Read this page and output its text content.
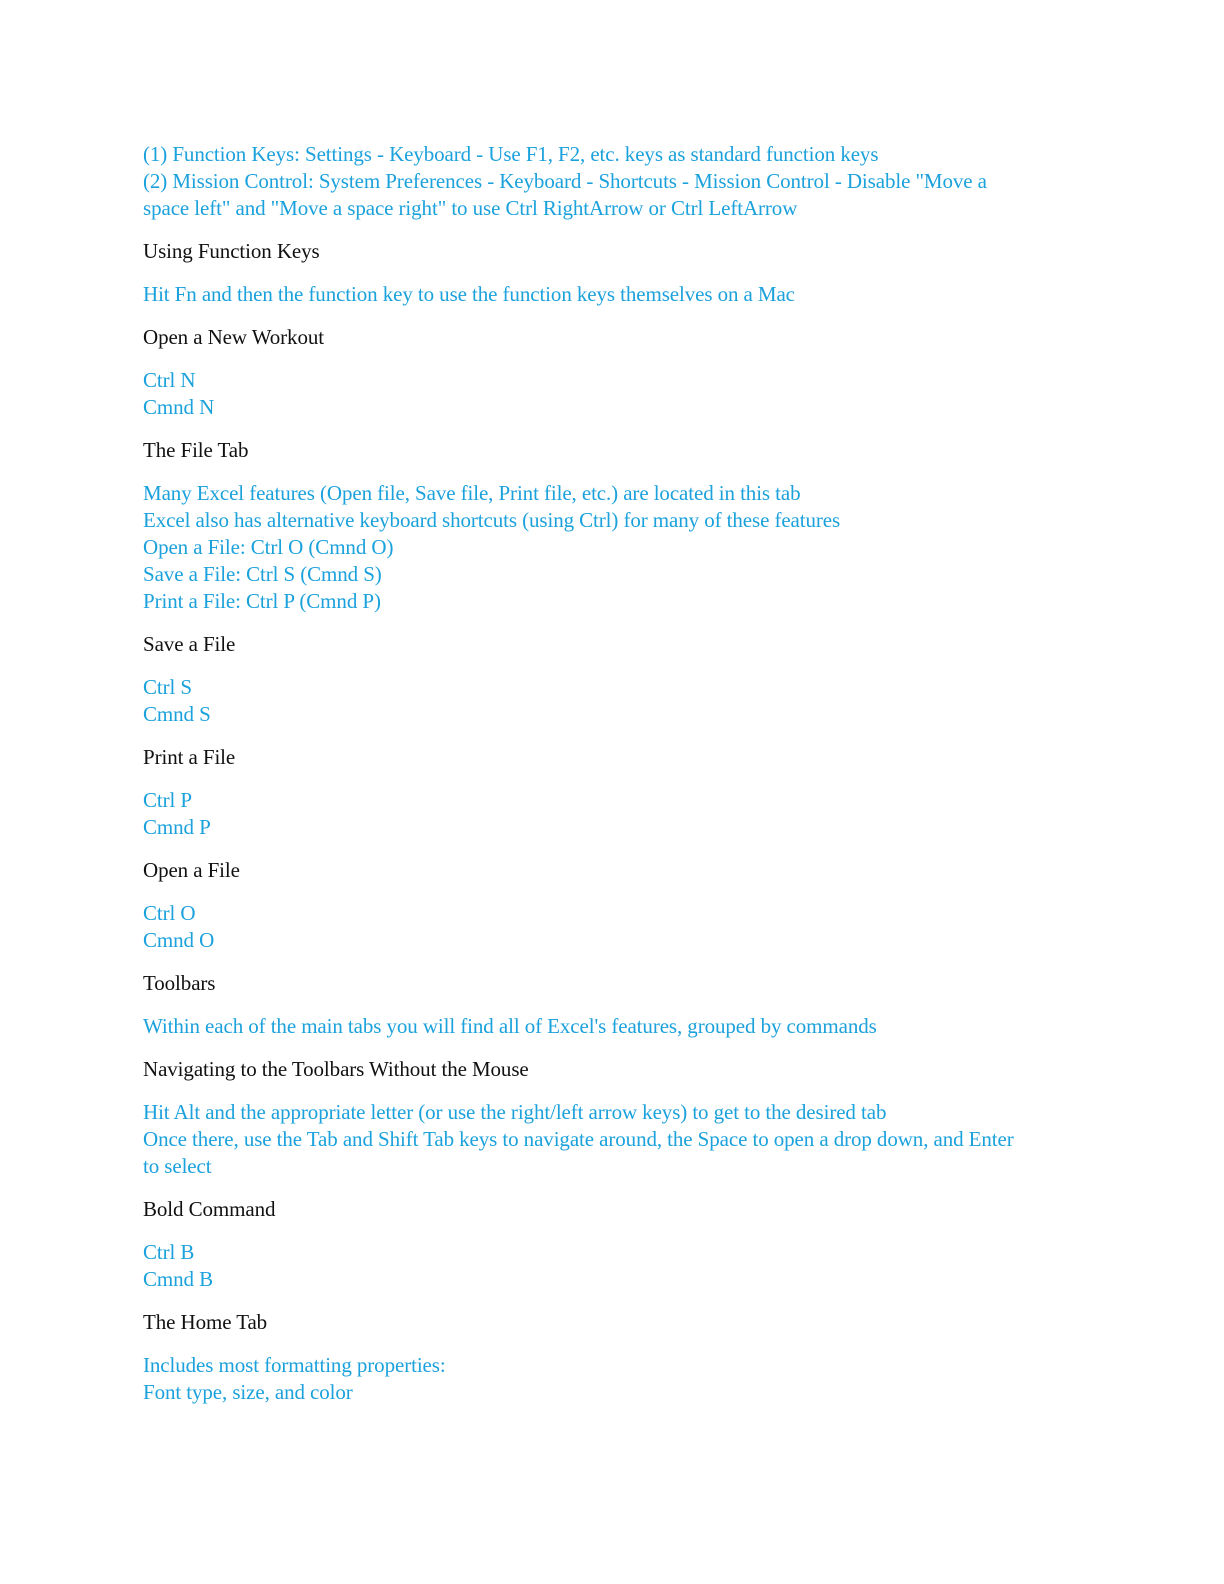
(1) Function Keys: Settings - Keyboard - Use F1, F2, etc. keys as standard function keys
(2) Mission Control: System Preferences - Keyboard - Shortcuts - Mission Control - Disable "Move a
space left" and "Move a space right" to use Ctrl RightArrow or Ctrl LeftArrow
Using Function Keys
Hit Fn and then the function key to use the function keys themselves on a Mac
Open a New Workout
Ctrl N
Cmnd N
The File Tab
Many Excel features (Open file, Save file, Print file, etc.) are located in this tab
Excel also has alternative keyboard shortcuts (using Ctrl) for many of these features
Open a File: Ctrl O (Cmnd O)
Save a File: Ctrl S (Cmnd S)
Print a File: Ctrl P (Cmnd P)
Save a File
Ctrl S
Cmnd S
Print a File
Ctrl P
Cmnd P
Open a File
Ctrl O
Cmnd O
Toolbars
Within each of the main tabs you will find all of Excel's features, grouped by commands
Navigating to the Toolbars Without the Mouse
Hit Alt and the appropriate letter (or use the right/left arrow keys) to get to the desired tab
Once there, use the Tab and Shift Tab keys to navigate around, the Space to open a drop down, and Enter
to select
Bold Command
Ctrl B
Cmnd B
The Home Tab
Includes most formatting properties:
Font type, size, and color
